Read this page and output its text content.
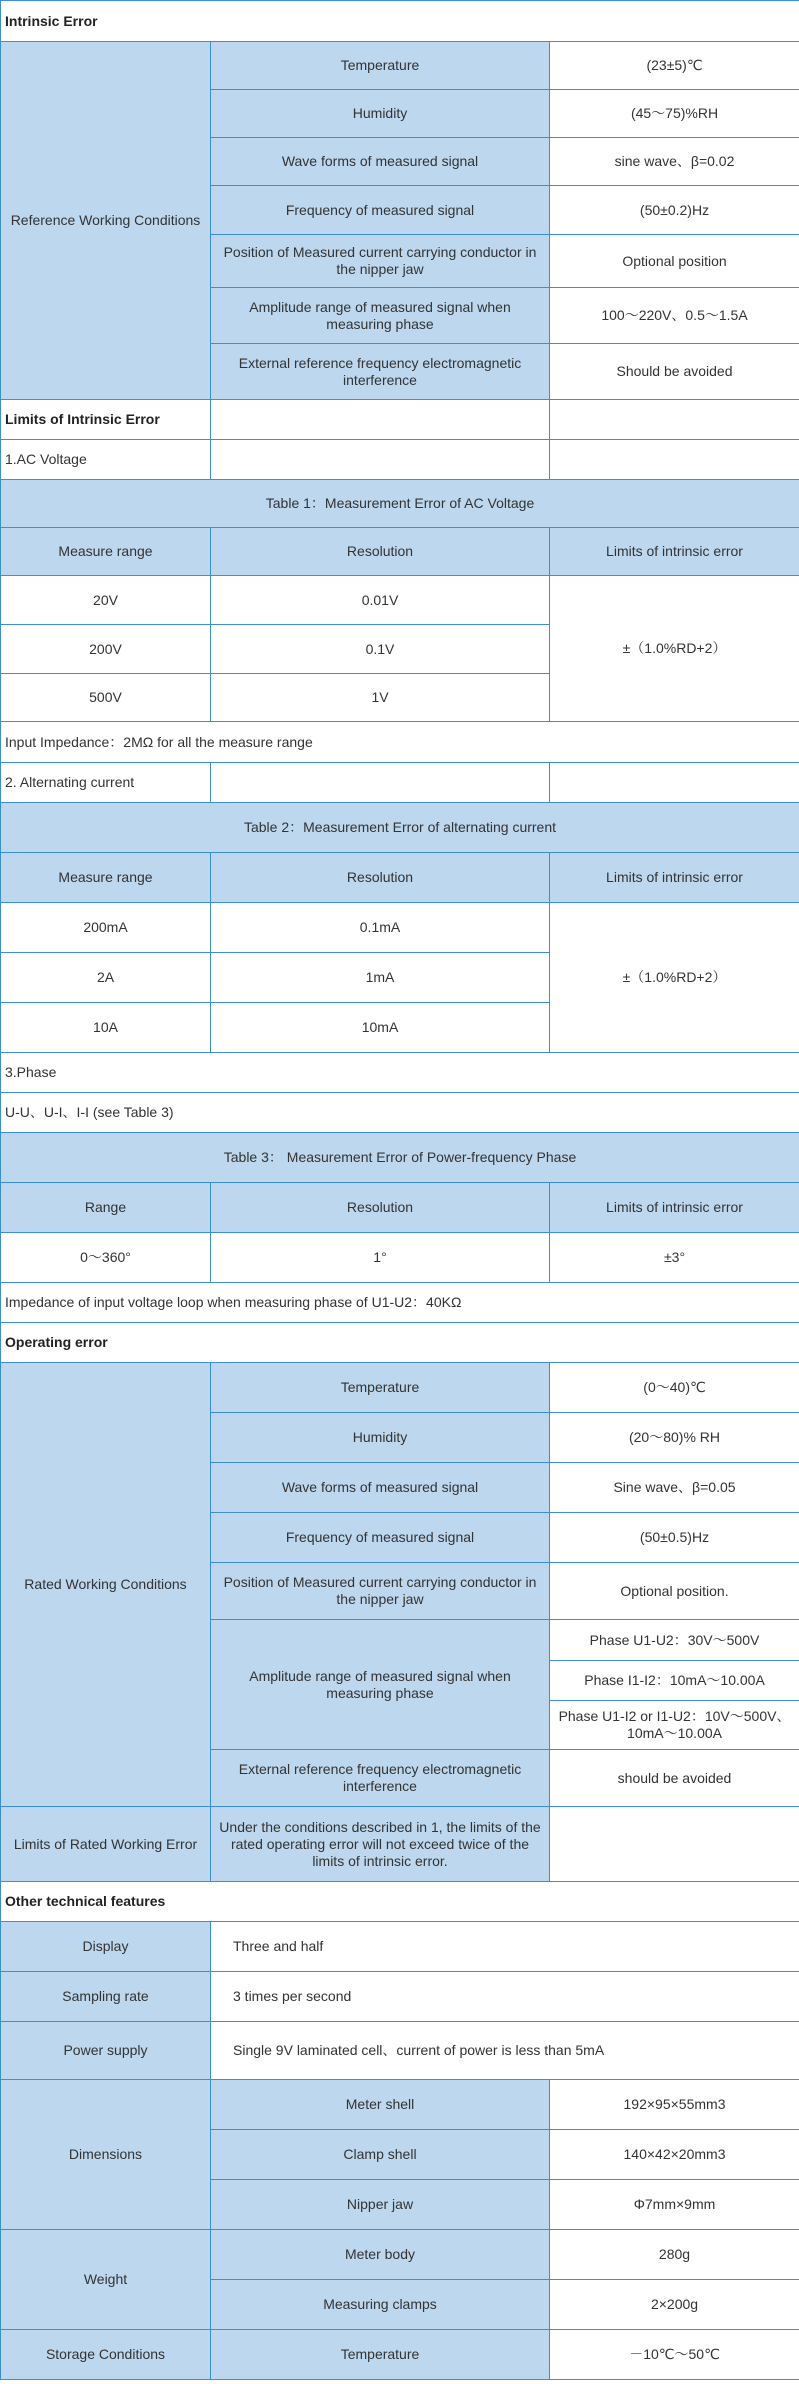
Intrinsic Error		
Reference Working Conditions	Temperature	(23±5)℃
	Humidity	(45～75)%RH
	Wave forms of measured signal	sine wave、β=0.02
	Frequency of measured signal	(50±0.2)Hz
	Position of Measured current carrying conductor in the nipper jaw	Optional position
	Amplitude range of measured signal when measuring phase	100～220V、0.5～1.5A
	External reference frequency electromagnetic interference	Should be avoided
Limits of Intrinsic Error		
1.AC Voltage		
Table 1：Measurement Error of AC Voltage		
Measure range	Resolution	Limits of intrinsic error
20V	0.01V	±（1.0%RD+2）
200V	0.1V	
500V	1V	
Input Impedance：2MΩ for all the measure range		
2. Alternating current		
Table 2：Measurement Error of alternating current		
Measure range	Resolution	Limits of intrinsic error
200mA	0.1mA	±（1.0%RD+2）
2A	1mA	
10A	10mA	
3.Phase		
U-U、U-I、I-I (see Table 3)		
Table 3： Measurement Error of Power-frequency Phase		
Range	Resolution	Limits of intrinsic error
0～360°	1°	±3°
Impedance of input voltage loop when measuring phase of U1-U2：40KΩ		
Operating error		
Rated Working Conditions	Temperature	(0～40)℃
	Humidity	(20～80)% RH
	Wave forms of measured signal	Sine wave、β=0.05
	Frequency of measured signal	(50±0.5)Hz
	Position of Measured current carrying conductor in the nipper jaw	Optional position.
	Amplitude range of measured signal when measuring phase	Phase U1-U2：30V～500V
		Phase I1-I2：10mA～10.00A
		Phase U1-I2 or I1-U2：10V～500V、10mA～10.00A
	External reference frequency electromagnetic interference	should be avoided
Limits of Rated Working Error	Under the conditions described in 1, the limits of the rated operating error will not exceed twice of the limits of intrinsic error.	
Other technical features		
Display	Three and half	
Sampling rate	3 times per second	
Power supply	Single 9V laminated cell、current of power is less than 5mA	
Dimensions	Meter shell	192×95×55mm3
	Clamp shell	140×42×20mm3
	Nipper jaw	Φ7mm×9mm
Weight	Meter body	280g
	Measuring clamps	2×200g
Storage Conditions	Temperature	－10℃～50℃
